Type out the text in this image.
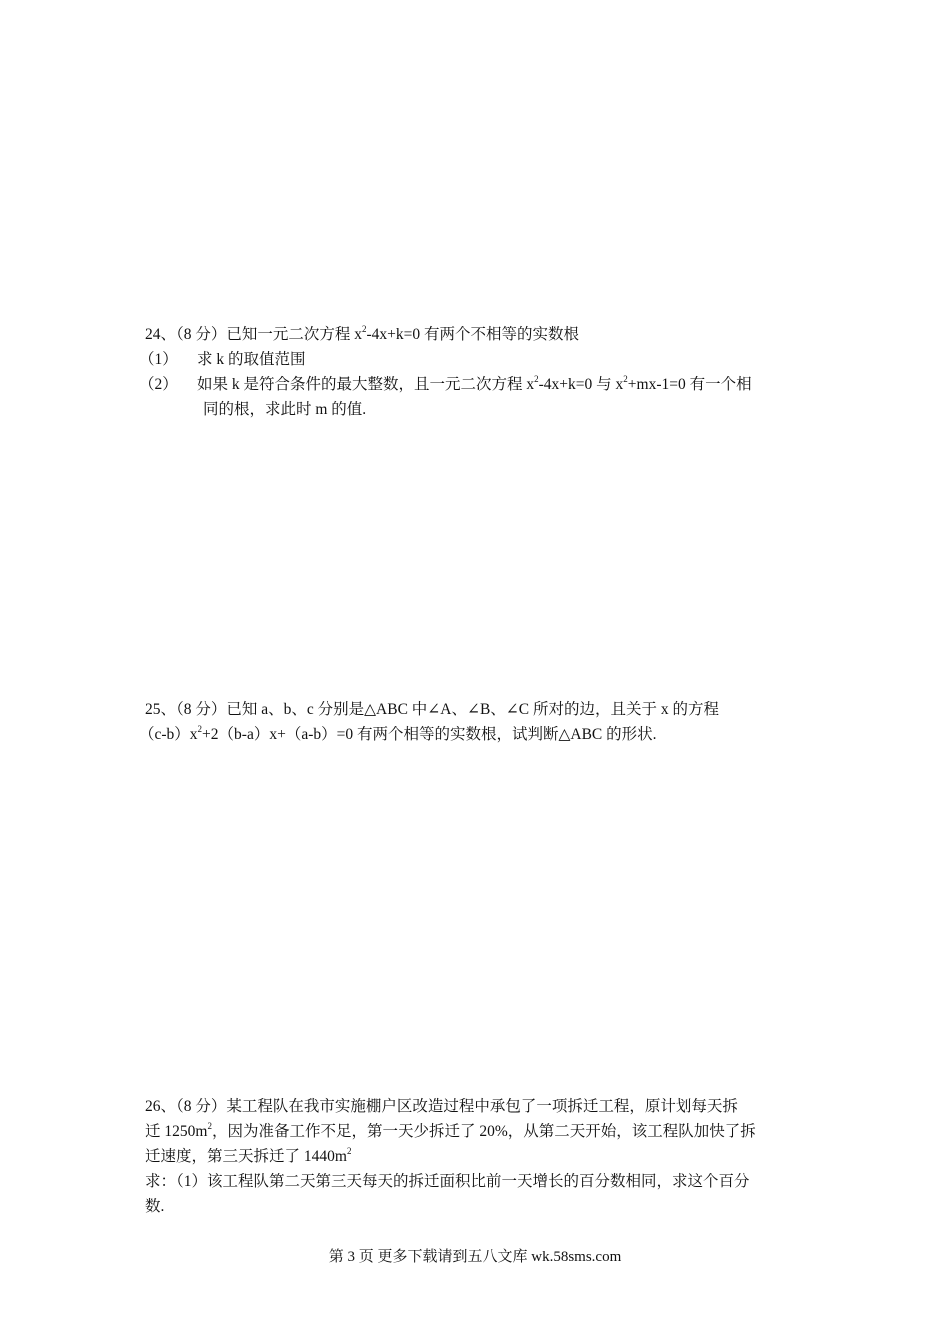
24、（8 分）已知一元二次方程 $x^2-4x+k=0$ 有两个不相等的实数根
（1） 求 k 的取值范围
（2） 如果 k 是符合条件的最大整数，且一元二次方程 $x^2-4x+k=0$ 与 $x^2+mx-1=0$ 有一个相
同的根，求此时 m 的值.
25、（8 分）已知 a、b、c 分别是△ABC 中∠A、∠B、∠C 所对的边，且关于 x 的方程
$(c-b)x^2+2(b-a)x+(a-b)=0$ 有两个相等的实数根，试判断△ABC 的形状.
26、（8 分）某工程队在我市实施棚户区改造过程中承包了一项拆迁工程，原计划每天拆
迁 $1250m^2$，因为准备工作不足，第一天少拆迁了 20%，从第二天开始，该工程队加快了拆
迁速度，第三天拆迁了 $1440m^2$
求：（1）该工程队第二天第三天每天的拆迁面积比前一天增长的百分数相同，求这个百分
数.
第 3 页 更多下载请到五八文库 wk.58sms.com
